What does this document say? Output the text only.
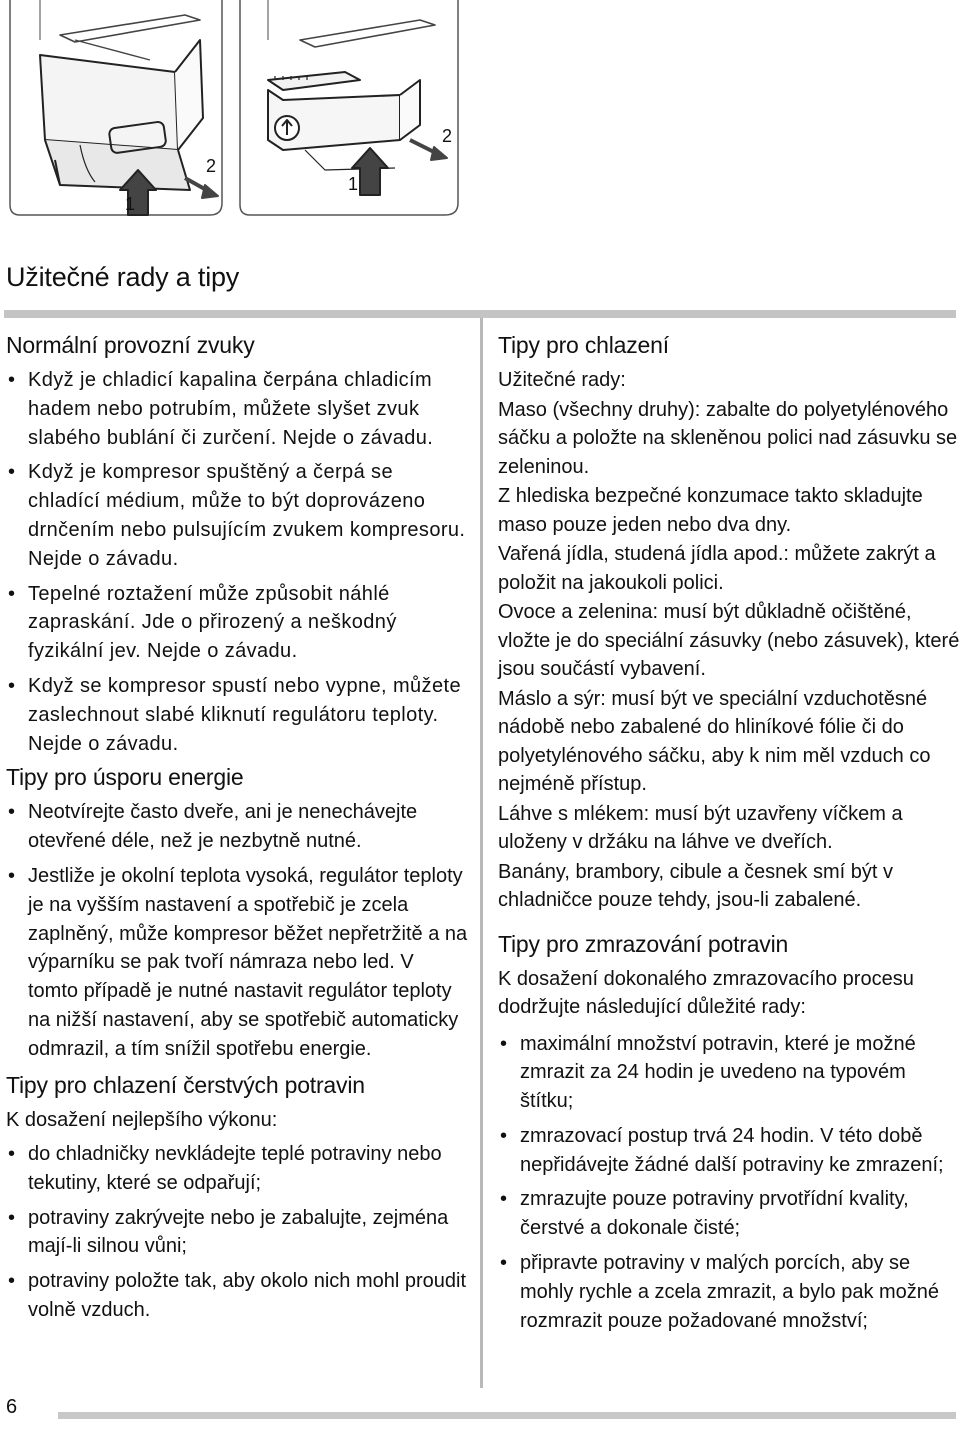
1
2
1
2
Užitečné rady a tipy
Normální provozní zvuky
• Když je chladicí kapalina čerpána chladicím hadem nebo potrubím, můžete slyšet zvuk slabého bublání či zurčení. Nejde o závadu.
• Když je kompresor spuštěný a čerpá se chladící médium, může to být doprovázeno drnčením nebo pulsujícím zvukem kompresoru. Nejde o závadu.
• Tepelné roztažení může způsobit náhlé zapraskání. Jde o přirozený a neškodný fyzikální jev. Nejde o závadu.
• Když se kompresor spustí nebo vypne, můžete zaslechnout slabé kliknutí regulátoru teploty. Nejde o závadu.
Tipy pro úsporu energie
• Neotvírejte často dveře, ani je nenechávejte otevřené déle, než je nezbytně nutné.
• Jestliže je okolní teplota vysoká, regulátor teploty je na vyšším nastavení a spotřebič je zcela zaplněný, může kompresor běžet nepřetržitě a na výparníku se pak tvoří námraza nebo led. V tomto případě je nutné nastavit regulátor teploty na nižší nastavení, aby se spotřebič automaticky odmrazil, a tím snížil spotřebu energie.
Tipy pro chlazení čerstvých potravin

K dosažení nejlepšího výkonu:

• do chladničky nevkládejte teplé potraviny nebo tekutiny, které se odpařují;
• potraviny zakrývejte nebo je zabalujte, zejména mají-li silnou vůni;
• potraviny položte tak, aby okolo nich mohl proudit volně vzduch.
Tipy pro chlazení

Užitečné rady:

Maso (všechny druhy): zabalte do polyetylénového sáčku a položte na skleněnou polici nad zásuvku se zeleninou.

Z hlediska bezpečné konzumace takto skladujte maso pouze jeden nebo dva dny.

Vařená jídla, studená jídla apod.: můžete zakrýt a položit na jakoukoli polici.

Ovoce a zelenina: musí být důkladně očištěné, vložte je do speciální zásuvky (nebo zásuvek), které jsou součástí vybavení.

Máslo a sýr: musí být ve speciální vzduchotěsné nádobě nebo zabalené do hliníkové fólie či do polyetylénového sáčku, aby k nim měl vzduch co nejméně přístup.

Láhve s mlékem: musí být uzavřeny víčkem a uloženy v držáku na láhve ve dveřích.

Banány, brambory, cibule a česnek smí být v chladničce pouze tehdy, jsou-li zabalené.

Tipy pro zmrazování potravin

K dosažení dokonalého zmrazovacího procesu dodržujte následující důležité rady:

• maximální množství potravin, které je možné zmrazit za 24 hodin je uvedeno na typovém štítku;
• zmrazovací postup trvá 24 hodin. V této době nepřidávejte žádné další potraviny ke zmrazení;
• zmrazujte pouze potraviny prvotřídní kvality, čerstvé a dokonale čisté;
• připravte potraviny v malých porcích, aby se mohly rychle a zcela zmrazit, a bylo pak možné rozmrazit pouze požadované množství;
6
